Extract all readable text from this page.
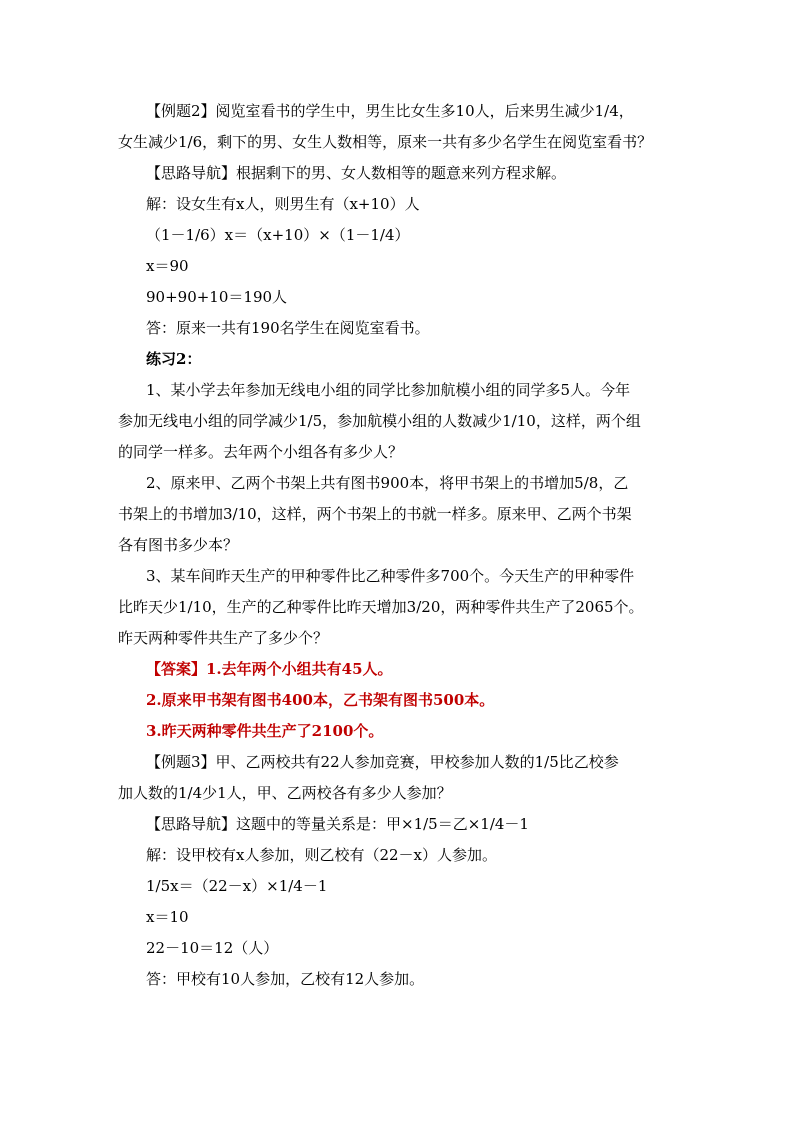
【例题2】阅览室看书的学生中，男生比女生多10人，后来男生减少1/4，
女生减少1/6，剩下的男、女生人数相等，原来一共有多少名学生在阅览室看书？
【思路导航】根据剩下的男、女人数相等的题意来列方程求解。
解：设女生有x人，则男生有（x+10）人
（1－1/6）x＝（x+10）×（1－1/4）
x＝90
90+90+10＝190人
答：原来一共有190名学生在阅览室看书。
练习2：
1、某小学去年参加无线电小组的同学比参加航模小组的同学多5人。今年
参加无线电小组的同学减少1/5，参加航模小组的人数减少1/10，这样，两个组
的同学一样多。去年两个小组各有多少人？
2、原来甲、乙两个书架上共有图书900本，将甲书架上的书增加5/8，乙
书架上的书增加3/10，这样，两个书架上的书就一样多。原来甲、乙两个书架
各有图书多少本？
3、某车间昨天生产的甲种零件比乙种零件多700个。今天生产的甲种零件
比昨天少1/10，生产的乙种零件比昨天增加3/20，两种零件共生产了2065个。
昨天两种零件共生产了多少个？
【答案】1.去年两个小组共有45人。
2.原来甲书架有图书400本，乙书架有图书500本。
3.昨天两种零件共生产了2100个。
【例题3】甲、乙两校共有22人参加竞赛，甲校参加人数的1/5比乙校参
加人数的1/4少1人，甲、乙两校各有多少人参加？
【思路导航】这题中的等量关系是：甲×1/5＝乙×1/4－1
解：设甲校有x人参加，则乙校有（22－x）人参加。
1/5x＝（22－x）×1/4－1
x＝10
22－10＝12（人）
答：甲校有10人参加，乙校有12人参加。
